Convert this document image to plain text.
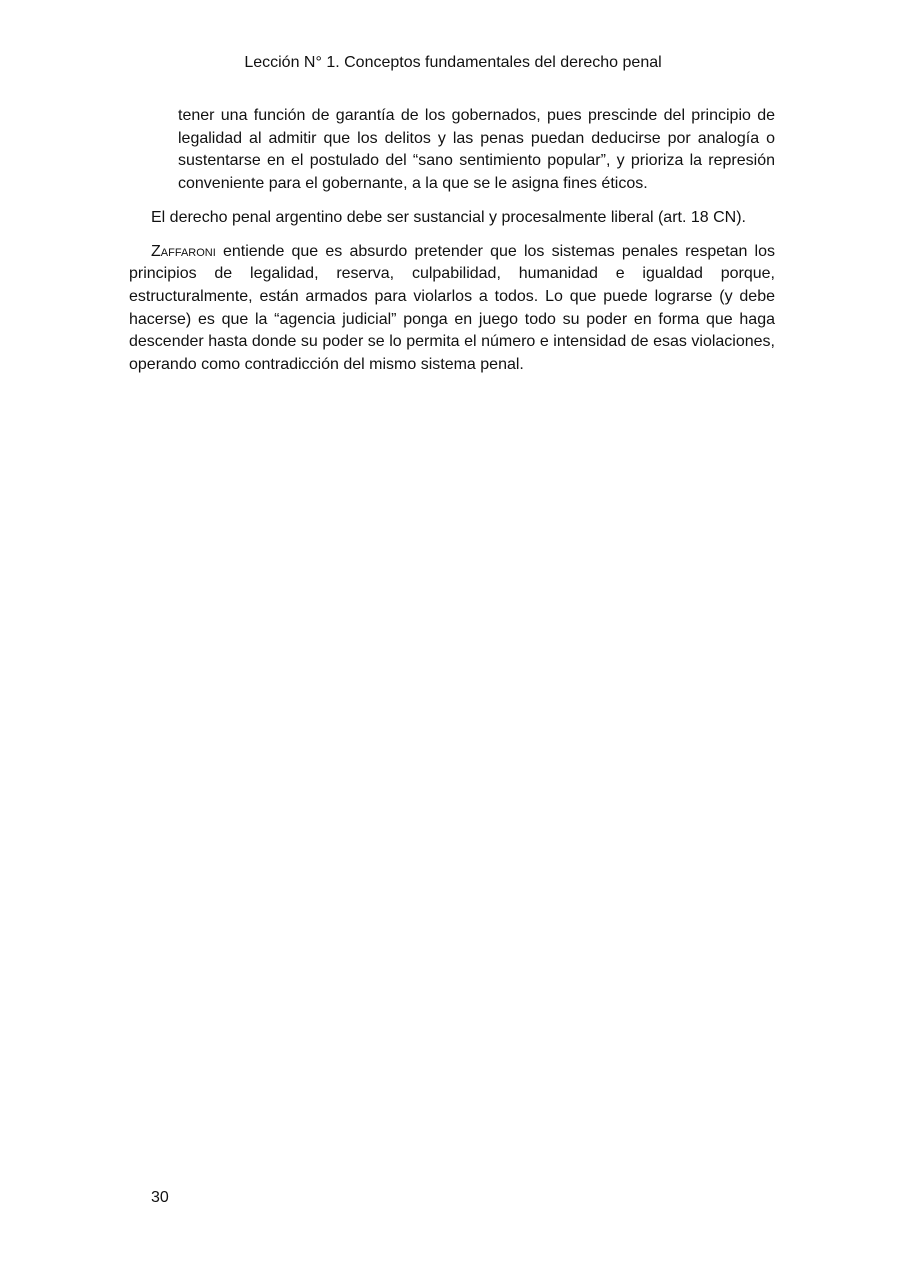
Lección N° 1. Conceptos fundamentales del derecho penal

tener una función de garantía de los gobernados, pues prescinde del principio de legalidad al admitir que los delitos y las penas puedan deducirse por analogía o sustentarse en el postulado del “sano sentimiento popular”, y prioriza la represión conveniente para el gobernante, a la que se le asigna fines éticos.

El derecho penal argentino debe ser sustancial y procesalmente liberal (art. 18 CN).

Zaffaroni entiende que es absurdo pretender que los sistemas penales respetan los principios de legalidad, reserva, culpabilidad, humanidad e igualdad porque, estructuralmente, están armados para violarlos a todos. Lo que puede lograrse (y debe hacerse) es que la “agencia judicial” ponga en juego todo su poder en forma que haga descender hasta donde su poder se lo permita el número e intensidad de esas violaciones, operando como contradicción del mismo sistema penal.

30
